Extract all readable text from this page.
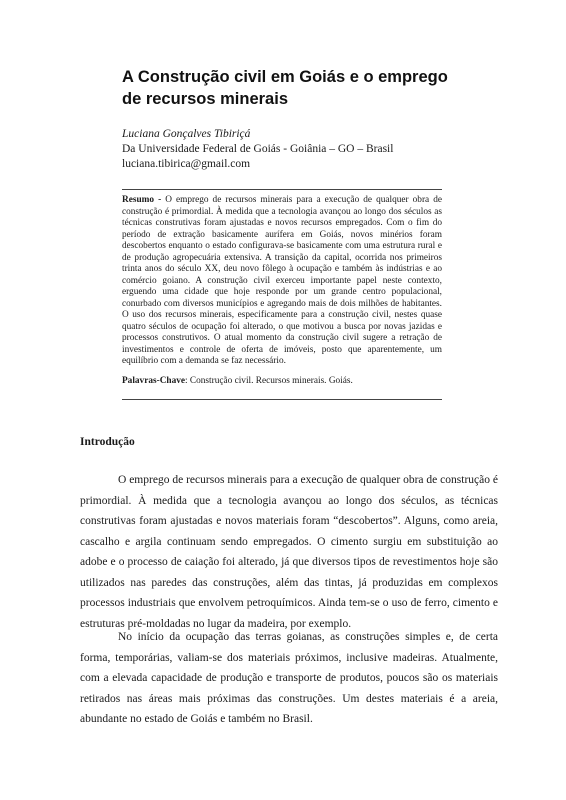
A Construção civil em Goiás e o emprego de recursos minerais
Luciana Gonçalves Tibiriçá
Da Universidade Federal de Goiás - Goiânia – GO – Brasil
luciana.tibirica@gmail.com

Resumo - O emprego de recursos minerais para a execução de qualquer obra de construção é primordial. À medida que a tecnologia avançou ao longo dos séculos as técnicas construtivas foram ajustadas e novos recursos empregados. Com o fim do período de extração basicamente aurífera em Goiás, novos minérios foram descobertos enquanto o estado configurava-se basicamente com uma estrutura rural e de produção agropecuária extensiva. A transição da capital, ocorrida nos primeiros trinta anos do século XX, deu novo fôlego à ocupação e também às indústrias e ao comércio goiano. A construção civil exerceu importante papel neste contexto, erguendo uma cidade que hoje responde por um grande centro populacional, conurbado com diversos municípios e agregando mais de dois milhões de habitantes. O uso dos recursos minerais, especificamente para a construção civil, nestes quase quatro séculos de ocupação foi alterado, o que motivou a busca por novas jazidas e processos construtivos. O atual momento da construção civil sugere a retração de investimentos e controle de oferta de imóveis, posto que aparentemente, um equilíbrio com a demanda se faz necessário.

Palavras-Chave: Construção civil. Recursos minerais. Goiás.

Introdução

O emprego de recursos minerais para a execução de qualquer obra de construção é primordial. À medida que a tecnologia avançou ao longo dos séculos, as técnicas construtivas foram ajustadas e novos materiais foram “descobertos”. Alguns, como areia, cascalho e argila continuam sendo empregados. O cimento surgiu em substituição ao adobe e o processo de caiação foi alterado, já que diversos tipos de revestimentos hoje são utilizados nas paredes das construções, além das tintas, já produzidas em complexos processos industriais que envolvem petroquímicos. Ainda tem-se o uso de ferro, cimento e estruturas pré-moldadas no lugar da madeira, por exemplo.

No início da ocupação das terras goianas, as construções simples e, de certa forma, temporárias, valiam-se dos materiais próximos, inclusive madeiras. Atualmente, com a elevada capacidade de produção e transporte de produtos, poucos são os materiais retirados nas áreas mais próximas das construções. Um destes materiais é a areia, abundante no estado de Goiás e também no Brasil.
